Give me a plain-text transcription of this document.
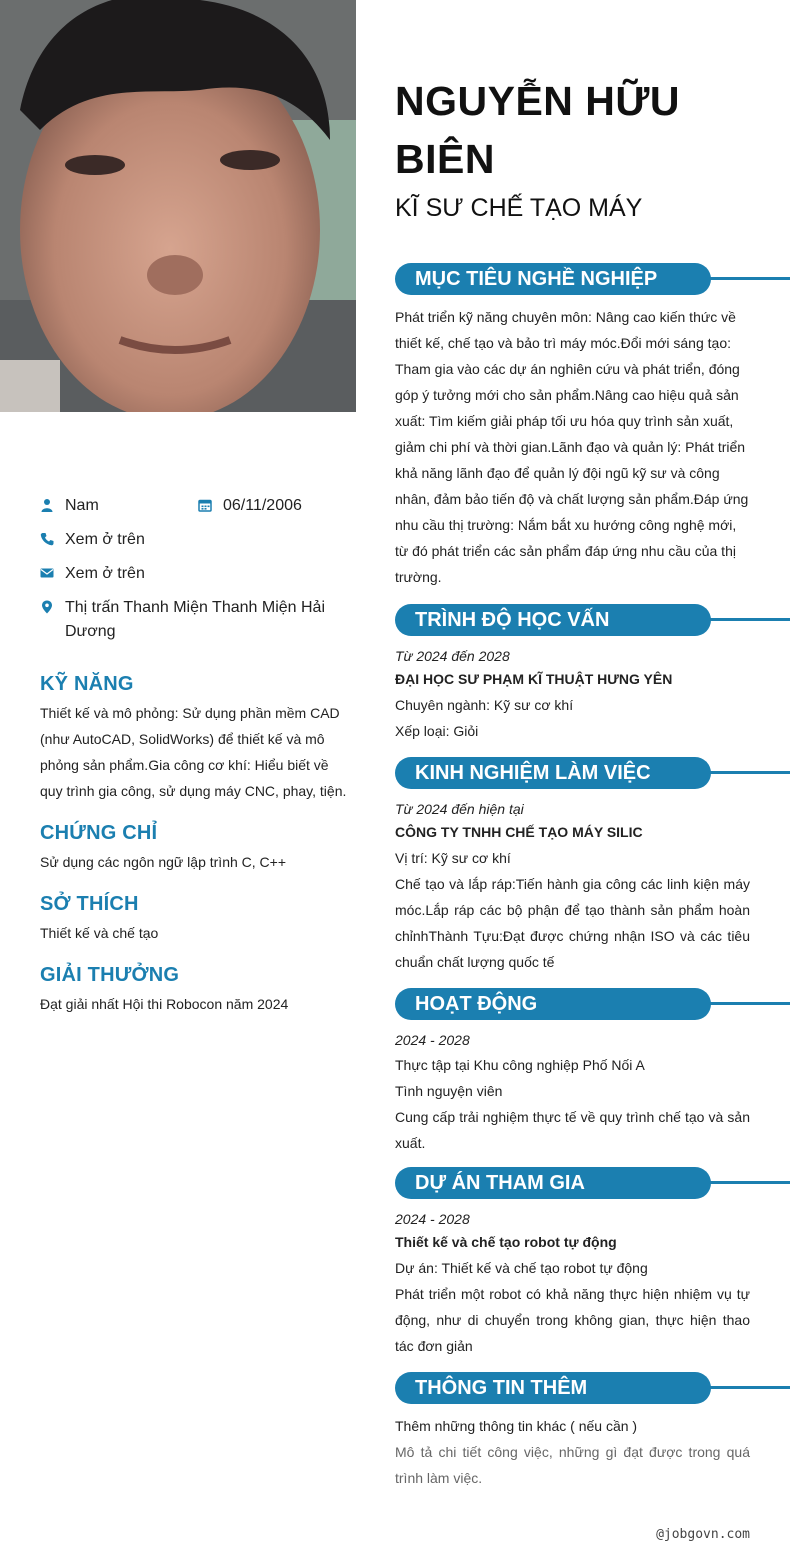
Nam	06/11/2006
Xem ở trên
Xem ở trên
Thị trấn Thanh Miện Thanh Miện Hải Dương
KỸ NĂNG

Thiết kế và mô phỏng: Sử dụng phần mềm CAD (như AutoCAD, SolidWorks) để thiết kế và mô phỏng sản phẩm.Gia công cơ khí: Hiểu biết về quy trình gia công, sử dụng máy CNC, phay, tiện.

CHỨNG CHỈ

Sử dụng các ngôn ngữ lập trình C, C++

SỞ THÍCH

Thiết kế và chế tạo

GIẢI THƯỞNG

Đạt giải nhất Hội thi Robocon năm 2024

NGUYỄN HỮU BIÊN
KĨ SƯ CHẾ TẠO MÁY
MỤC TIÊU NGHỀ NGHIỆP

Phát triển kỹ năng chuyên môn: Nâng cao kiến thức về thiết kế, chế tạo và bảo trì máy móc.Đổi mới sáng tạo: Tham gia vào các dự án nghiên cứu và phát triển, đóng góp ý tưởng mới cho sản phẩm.Nâng cao hiệu quả sản xuất: Tìm kiếm giải pháp tối ưu hóa quy trình sản xuất, giảm chi phí và thời gian.Lãnh đạo và quản lý: Phát triển khả năng lãnh đạo để quản lý đội ngũ kỹ sư và công nhân, đảm bảo tiến độ và chất lượng sản phẩm.Đáp ứng nhu cầu thị trường: Nắm bắt xu hướng công nghệ mới, từ đó phát triển các sản phẩm đáp ứng nhu cầu của thị trường.

TRÌNH ĐỘ HỌC VẤN
Từ 2024 đến 2028
ĐẠI HỌC SƯ PHẠM KĨ THUẬT HƯNG YÊN
Chuyên ngành: Kỹ sư cơ khí
Xếp loại: Giỏi
KINH NGHIỆM LÀM VIỆC
Từ 2024 đến hiện tại
CÔNG TY TNHH CHẾ TẠO MÁY SILIC
Vị trí: Kỹ sư cơ khí
Chế tạo và lắp ráp:Tiến hành gia công các linh kiện máy móc.Lắp ráp các bộ phận để tạo thành sản phẩm hoàn chỉnhThành Tựu:Đạt được chứng nhận ISO và các tiêu chuẩn chất lượng quốc tế
HOẠT ĐỘNG
2024 - 2028
Thực tập tại Khu công nghiệp Phố Nối A
Tình nguyện viên
Cung cấp trải nghiệm thực tế về quy trình chế tạo và sản xuất.
DỰ ÁN THAM GIA
2024 - 2028
Thiết kế và chế tạo robot tự động
Dự án: Thiết kế và chế tạo robot tự động
Phát triển một robot có khả năng thực hiện nhiệm vụ tự động, như di chuyển trong không gian, thực hiện thao tác đơn giản
THÔNG TIN THÊM
Thêm những thông tin khác ( nếu cần )
Mô tả chi tiết công việc, những gì đạt được trong quá trình làm việc.
@jobgovn.com
